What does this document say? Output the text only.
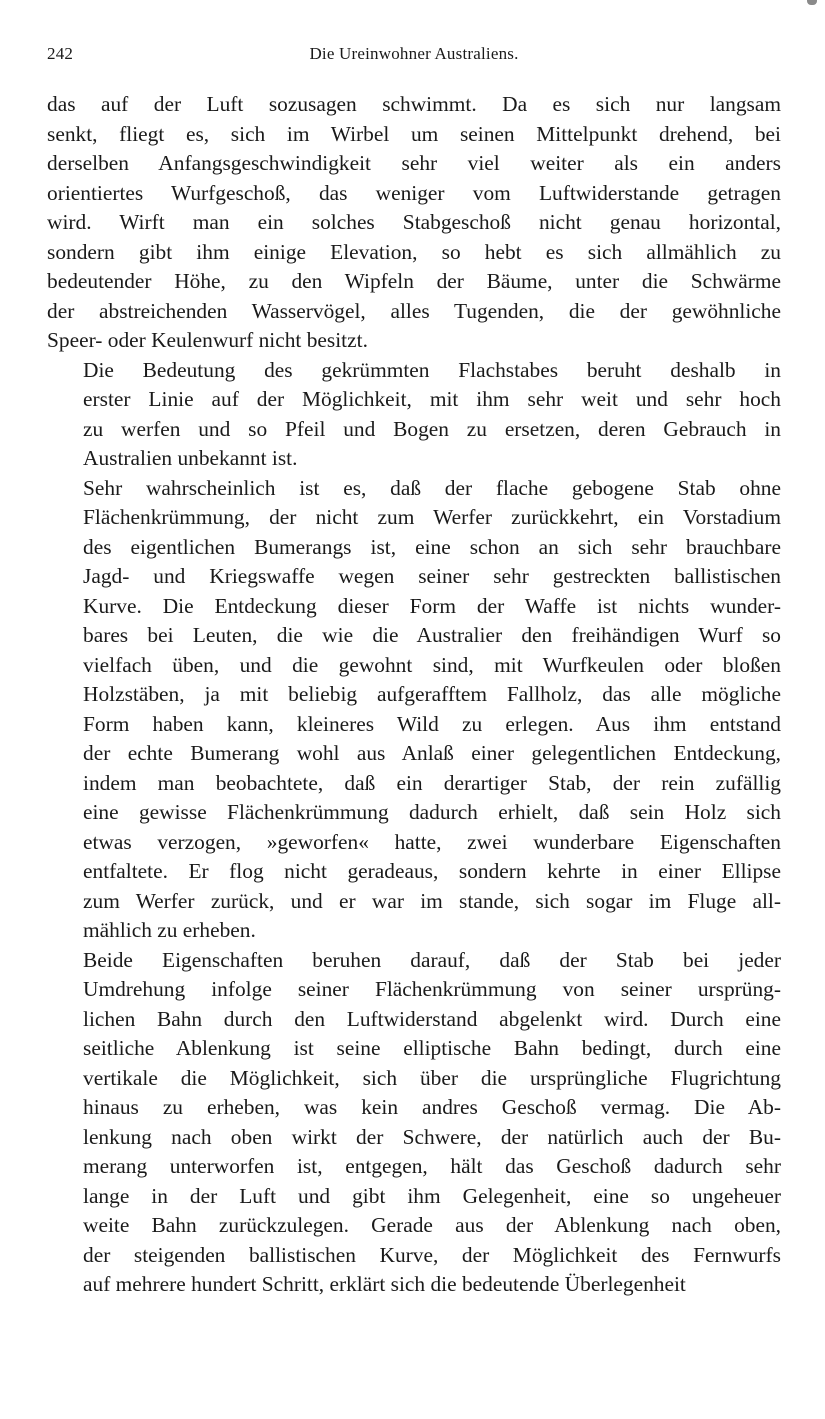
242	Die Ureinwohner Australiens.
das auf der Luft sozusagen schwimmt. Da es sich nur langsam
senkt, fliegt es, sich im Wirbel um seinen Mittelpunkt drehend, bei
derselben Anfangsgeschwindigkeit sehr viel weiter als ein anders
orientiertes Wurfgeschoß, das weniger vom Luftwiderstande getragen
wird. Wirft man ein solches Stabgeschoß nicht genau horizontal,
sondern gibt ihm einige Elevation, so hebt es sich allmählich zu
bedeutender Höhe, zu den Wipfeln der Bäume, unter die Schwärme
der abstreichenden Wasservögel, alles Tugenden, die der gewöhnliche
Speer- oder Keulenwurf nicht besitzt.
Die Bedeutung des gekrümmten Flachstabes beruht deshalb in
erster Linie auf der Möglichkeit, mit ihm sehr weit und sehr hoch
zu werfen und so Pfeil und Bogen zu ersetzen, deren Gebrauch in
Australien unbekannt ist.
Sehr wahrscheinlich ist es, daß der flache gebogene Stab ohne
Flächenkrümmung, der nicht zum Werfer zurückkehrt, ein Vorstadium
des eigentlichen Bumerangs ist, eine schon an sich sehr brauchbare
Jagd- und Kriegswaffe wegen seiner sehr gestreckten ballistischen
Kurve. Die Entdeckung dieser Form der Waffe ist nichts wunder-
bares bei Leuten, die wie die Australier den freihändigen Wurf so
vielfach üben, und die gewohnt sind, mit Wurfkeulen oder bloßen
Holzstäben, ja mit beliebig aufgerafftem Fallholz, das alle mögliche
Form haben kann, kleineres Wild zu erlegen. Aus ihm entstand
der echte Bumerang wohl aus Anlaß einer gelegentlichen Entdeckung,
indem man beobachtete, daß ein derartiger Stab, der rein zufällig
eine gewisse Flächenkrümmung dadurch erhielt, daß sein Holz sich
etwas verzogen, »geworfen« hatte, zwei wunderbare Eigenschaften
entfaltete. Er flog nicht geradeaus, sondern kehrte in einer Ellipse
zum Werfer zurück, und er war im stande, sich sogar im Fluge all-
mählich zu erheben.
Beide Eigenschaften beruhen darauf, daß der Stab bei jeder
Umdrehung infolge seiner Flächenkrümmung von seiner ursprüng-
lichen Bahn durch den Luftwiderstand abgelenkt wird. Durch eine
seitliche Ablenkung ist seine elliptische Bahn bedingt, durch eine
vertikale die Möglichkeit, sich über die ursprüngliche Flugrichtung
hinaus zu erheben, was kein andres Geschoß vermag. Die Ab-
lenkung nach oben wirkt der Schwere, der natürlich auch der Bu-
merang unterworfen ist, entgegen, hält das Geschoß dadurch sehr
lange in der Luft und gibt ihm Gelegenheit, eine so ungeheuer
weite Bahn zurückzulegen. Gerade aus der Ablenkung nach oben,
der steigenden ballistischen Kurve, der Möglichkeit des Fernwurfs
auf mehrere hundert Schritt, erklärt sich die bedeutende Überlegenheit
